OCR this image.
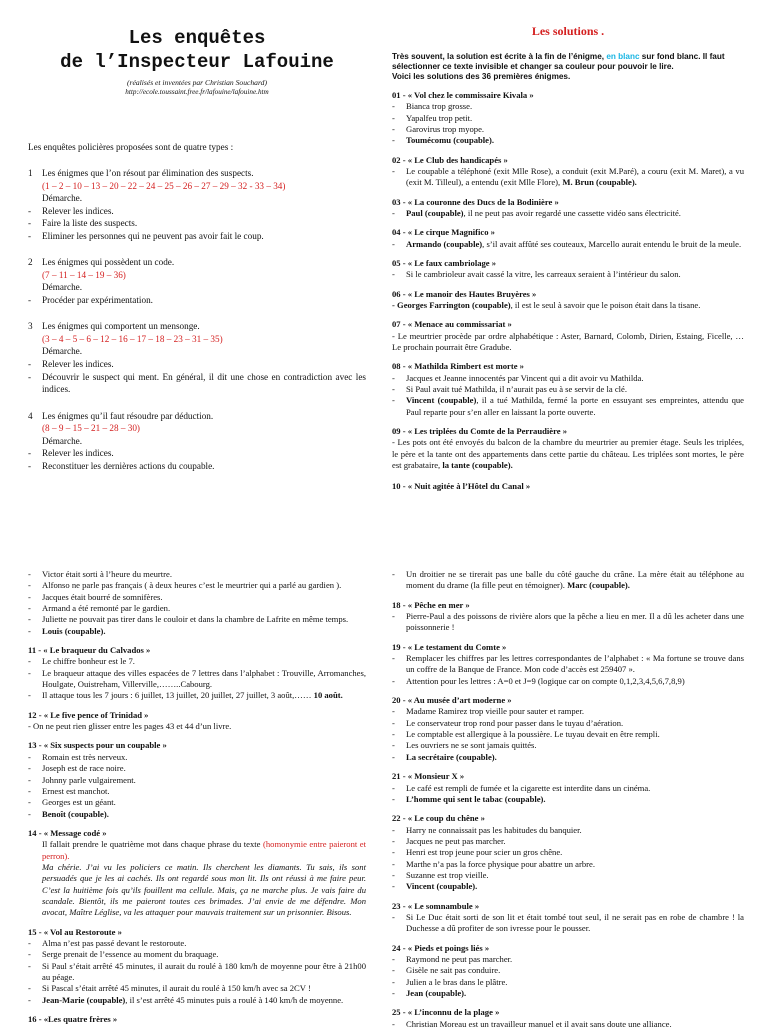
Les enquêtes
de l’Inspecteur Lafouine
(réalisés et inventées par Christian Souchard)
http://ecole.toussaint.free.fr/lafouine/lafouine.htm
Les enquêtes policières proposées sont de quatre types :
1	Les énigmes que l’on résout par élimination des suspects.
(1 – 2 – 10 – 13 – 20 – 22 – 24 – 25 – 26 – 27 – 29 – 32 - 33 – 34)
Démarche.
-	Relever les indices.
-	Faire la liste des suspects.
-	Eliminer les personnes qui ne peuvent pas avoir fait le coup.
2	Les énigmes qui possèdent un code.
(7 – 11 – 14 – 19 – 36)
Démarche.
-	Procéder par expérimentation.
3	Les énigmes qui comportent un mensonge.
(3 – 4 – 5 – 6 – 12 – 16 – 17 – 18 – 23 – 31 – 35)
Démarche.
-	Relever les indices.
-	Découvrir le suspect qui ment. En général, il dit une chose en contradiction avec les indices.
4	Les énigmes qu’il faut résoudre par déduction.
(8 – 9 – 15 – 21 – 28 – 30)
Démarche.
-	Relever les indices.
-	Reconstituer les dernières actions du coupable.
Les solutions .
Très souvent, la solution est écrite à la fin de l’énigme, en blanc sur fond blanc. Il faut sélectionner ce texte invisible et changer sa couleur pour pouvoir le lire.
Voici les solutions des 36 premières énigmes.
01 - « Vol chez le commissaire Kivala »
-	Bianca trop grosse.
-	Yapalfeu trop petit.
-	Garovirus trop myope.
-	Toumécomu (coupable).
02 - « Le Club des handicapés »
-	Le coupable a téléphoné (exit Mlle Rose), a conduit (exit M.Paré), a couru (exit M. Maret), a vu (exit M. Tilleul), a entendu (exit Mlle Flore), M. Brun (coupable).
03 - « La couronne des Ducs de la Bodinière »
-	Paul (coupable), il ne peut pas avoir regardé une cassette vidéo sans électricité.
04 - « Le cirque Magnifico »
-	Armando (coupable), s’il avait affûté ses couteaux, Marcello aurait entendu le bruit de la meule.
05 - « Le faux cambriolage »
-	Si le cambrioleur avait cassé la vitre, les carreaux seraient à l’intérieur du salon.
06 - « Le manoir des Hautes Bruyères »
- Georges Farrington (coupable), il est le seul à savoir que le poison était dans la tisane.
07 - « Menace au commissariat »
- Le meurtrier procède par ordre alphabétique : Aster, Barnard, Colomb, Dirien, Estaing, Ficelle, … Le prochain pourrait être Gradube.
08 - « Mathilda Rimbert est morte »
-	Jacques et Jeanne innocentés par Vincent qui a dit avoir vu Mathilda.
-	Si Paul avait tué Mathilda, il n’aurait pas eu à se servir de la clé.
-	Vincent (coupable), il a tué Mathilda, fermé la porte en essuyant ses empreintes, attendu que Paul reparte pour s’en aller en laissant la porte ouverte.
09 - « Les triplées du Comte de la Perraudière »
- Les pots ont été envoyés du balcon de la chambre du meurtrier au premier étage. Seuls les triplées, le père et la tante ont des appartements dans cette partie du château. Les triplées sont mortes, le père est grabataire, la tante (coupable).
10 - « Nuit agitée à l’Hôtel du Canal »
-	Victor était sorti à l’heure du meurtre.
-	Alfonso ne parle pas français ( à deux heures c’est le meurtrier qui a parlé au gardien ).
-	Jacques était bourré de somnifères.
-	Armand a été remonté par le gardien.
-	Juliette ne pouvait pas tirer dans le couloir et dans la chambre de Lafrite en même temps.
-	Louis (coupable).
11 - « Le braqueur du Calvados »
-	Le chiffre bonheur est le 7.
-	Le braqueur attaque des villes espacées de 7 lettres dans l’alphabet : Trouville, Arromanches, Houlgate, Ouistreham, Villerville,……..Cabourg.
-	Il attaque tous les 7 jours : 6 juillet, 13 juillet, 20 juillet, 27 juillet, 3 août,…… 10 août.
12 - « Le five pence of Trinidad »
- On ne peut rien glisser entre les pages 43 et 44 d’un livre.
13 - « Six suspects pour un coupable »
-	Romain est très nerveux.
-	Joseph est de race noire.
-	Johnny parle vulgairement.
-	Ernest est manchot.
-	Georges est un géant.
-	Benoît (coupable).
14 - « Message codé »
Il fallait prendre le quatrième mot dans chaque phrase du texte (homonymie entre paieront et perron).
Ma chérie. J’ai vu les policiers ce matin. Ils cherchent les diamants. Tu sais, ils sont persuadés que je les ai cachés. Ils ont regardé sous mon lit. Ils ont réussi à me faire peur. C’est la huitième fois qu’ils fouillent ma cellule. Mais, ça ne marche plus. Je vais faire du scandale. Bientôt, ils me paieront toutes ces brimades. J’ai envie de me défendre. Mon avocat, Maître Léglise, va les attaquer pour mauvais traitement sur un prisonnier. Bisous.
15 - « Vol au Restoroute »
-	Alma n’est pas passé devant le restoroute.
-	Serge prenait de l’essence au moment du braquage.
-	Si Paul s’était arrêté 45 minutes, il aurait du roulé à 180 km/h de moyenne pour être à 21h00 au péage.
-	Si Pascal s’était arrêté 45 minutes, il aurait du roulé à 150 km/h avec sa 2CV !
-	Jean-Marie (coupable), il s’est arrêté 45 minutes puis a roulé à 140 km/h de moyenne.
16 - «Les quatre frères »
-	Un droitier ne se tirerait pas une balle du côté gauche du crâne. La mère était au téléphone au moment du drame (la fille peut en témoigner). Marc (coupable).
18 - « Pêche en mer »
-	Pierre-Paul a des poissons de rivière alors que la pêche a lieu en mer. Il a dû les acheter dans une poissonnerie !
19 - « Le testament du Comte »
-	Remplacer les chiffres par les lettres correspondantes de l’alphabet : « Ma fortune se trouve dans un coffre de la Banque de France. Mon code d’accès est 259407 ».
-	Attention pour les lettres : A=0 et J=9 (logique car on compte 0,1,2,3,4,5,6,7,8,9)
20 - « Au musée d’art moderne »
-	Madame Ramirez trop vieille pour sauter et ramper.
-	Le conservateur trop rond pour passer dans le tuyau d’aération.
-	Le comptable est allergique à la poussière. Le tuyau devait en être rempli.
-	Les ouvriers ne se sont jamais quittés.
-	La secrétaire (coupable).
21 - « Monsieur X »
-	Le café est rempli de fumée et la cigarette est interdite dans un cinéma.
-	L’homme qui sent le tabac (coupable).
22 - « Le coup du chêne »
-	Harry ne connaissait pas les habitudes du banquier.
-	Jacques ne peut pas marcher.
-	Henri est trop jeune pour scier un gros chêne.
-	Marthe n’a pas la force physique pour abattre un arbre.
-	Suzanne est trop vieille.
-	Vincent (coupable).
23 - « Le somnambule »
-	Si Le Duc était sorti de son lit et était tombé tout seul, il ne serait pas en robe de chambre ! la Duchesse a dû profiter de son ivresse pour le pousser.
24 - « Pieds et poings liés »
-	Raymond ne peut pas marcher.
-	Gisèle ne sait pas conduire.
-	Julien a le bras dans le plâtre.
-	Jean (coupable).
25 - « L’inconnu de la plage »
-	Christian Moreau est un travailleur manuel et il avait sans doute une alliance.
